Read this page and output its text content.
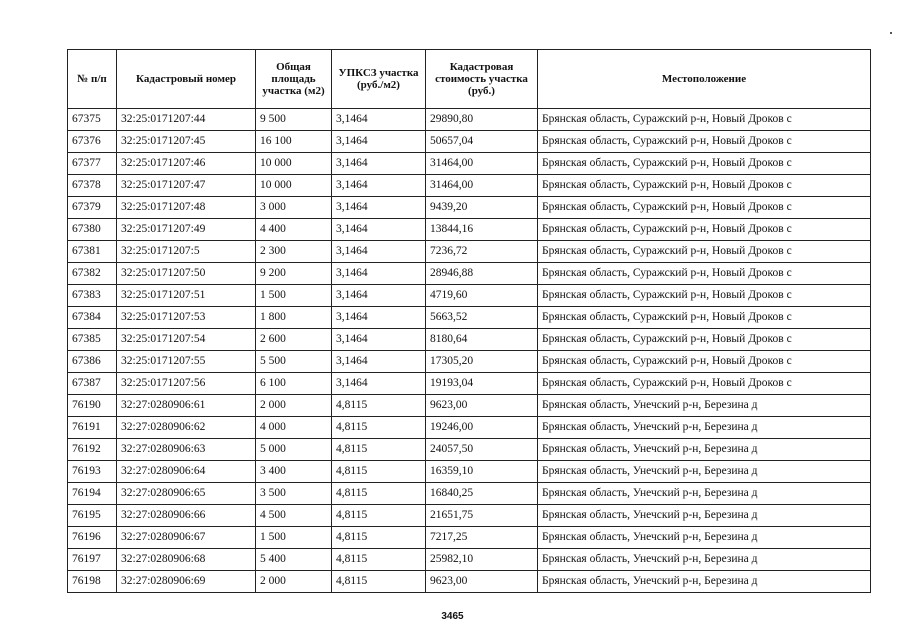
№ п/п	Кадастровый номер	Общая площадь участка (м2)	УПКСЗ участка (руб./м2)	Кадастровая стоимость участка (руб.)	Местоположение
67375	32:25:0171207:44	9 500	3,1464	29890,80	Брянская область, Суражский р-н, Новый Дроков с
67376	32:25:0171207:45	16 100	3,1464	50657,04	Брянская область, Суражский р-н, Новый Дроков с
67377	32:25:0171207:46	10 000	3,1464	31464,00	Брянская область, Суражский р-н, Новый Дроков с
67378	32:25:0171207:47	10 000	3,1464	31464,00	Брянская область, Суражский р-н, Новый Дроков с
67379	32:25:0171207:48	3 000	3,1464	9439,20	Брянская область, Суражский р-н, Новый Дроков с
67380	32:25:0171207:49	4 400	3,1464	13844,16	Брянская область, Суражский р-н, Новый Дроков с
67381	32:25:0171207:5	2 300	3,1464	7236,72	Брянская область, Суражский р-н, Новый Дроков с
67382	32:25:0171207:50	9 200	3,1464	28946,88	Брянская область, Суражский р-н, Новый Дроков с
67383	32:25:0171207:51	1 500	3,1464	4719,60	Брянская область, Суражский р-н, Новый Дроков с
67384	32:25:0171207:53	1 800	3,1464	5663,52	Брянская область, Суражский р-н, Новый Дроков с
67385	32:25:0171207:54	2 600	3,1464	8180,64	Брянская область, Суражский р-н, Новый Дроков с
67386	32:25:0171207:55	5 500	3,1464	17305,20	Брянская область, Суражский р-н, Новый Дроков с
67387	32:25:0171207:56	6 100	3,1464	19193,04	Брянская область, Суражский р-н, Новый Дроков с
76190	32:27:0280906:61	2 000	4,8115	9623,00	Брянская область, Унечский р-н, Березина д
76191	32:27:0280906:62	4 000	4,8115	19246,00	Брянская область, Унечский р-н, Березина д
76192	32:27:0280906:63	5 000	4,8115	24057,50	Брянская область, Унечский р-н, Березина д
76193	32:27:0280906:64	3 400	4,8115	16359,10	Брянская область, Унечский р-н, Березина д
76194	32:27:0280906:65	3 500	4,8115	16840,25	Брянская область, Унечский р-н, Березина д
76195	32:27:0280906:66	4 500	4,8115	21651,75	Брянская область, Унечский р-н, Березина д
76196	32:27:0280906:67	1 500	4,8115	7217,25	Брянская область, Унечский р-н, Березина д
76197	32:27:0280906:68	5 400	4,8115	25982,10	Брянская область, Унечский р-н, Березина д
76198	32:27:0280906:69	2 000	4,8115	9623,00	Брянская область, Унечский р-н, Березина д
3465
